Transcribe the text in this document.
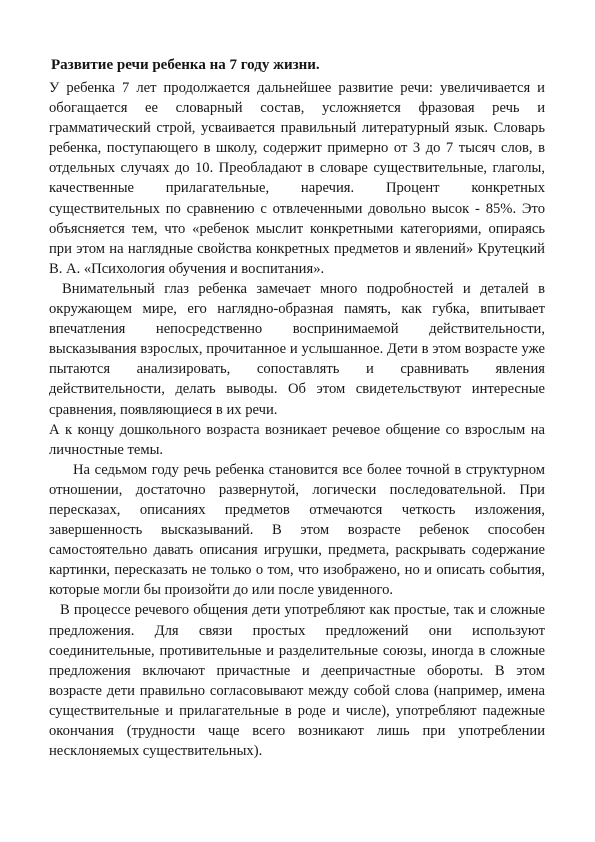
Развитие речи ребенка на 7 году жизни.

У ребенка 7 лет продолжается дальнейшее развитие речи: увеличивается и обогащается ее словарный состав, усложняется фразовая речь и грамматический строй, усваивается правильный литературный язык. Словарь ребенка, поступающего в школу, содержит примерно от 3 до 7 тысяч слов, в отдельных случаях до 10. Преобладают в словаре существительные, глаголы, качественные прилагательные, наречия. Процент конкретных существительных по сравнению с отвлеченными довольно высок - 85%. Это объясняется тем, что «ребенок мыслит конкретными категориями, опираясь при этом на наглядные свойства конкретных предметов и явлений» Крутецкий В. А. «Психология обучения и воспитания».

Внимательный глаз ребенка замечает много подробностей и деталей в окружающем мире, его наглядно-образная память, как губка, впитывает впечатления непосредственно воспринимаемой действительности, высказывания взрослых, прочитанное и услышанное. Дети в этом возрасте уже пытаются анализировать, сопоставлять и сравнивать явления действительности, делать выводы. Об этом свидетельствуют интересные сравнения, появляющиеся в их речи.

А к концу дошкольного возраста возникает речевое общение со взрослым на личностные темы.

На седьмом году речь ребенка становится все более точной в структурном отношении, достаточно развернутой, логически последовательной. При пересказах, описаниях предметов отмечаются четкость изложения, завершенность высказываний. В этом возрасте ребенок способен самостоятельно давать описания игрушки, предмета, раскрывать содержание картинки, пересказать не только о том, что изображено, но и описать события, которые могли бы произойти до или после увиденного.

В процессе речевого общения дети употребляют как простые, так и сложные предложения. Для связи простых предложений они используют соединительные, противительные и разделительные союзы, иногда в сложные предложения включают причастные и деепричастные обороты. В этом возрасте дети правильно согласовывают между собой слова (например, имена существительные и прилагательные в роде и числе), употребляют падежные окончания (трудности чаще всего возникают лишь при употреблении несклоняемых существительных).
